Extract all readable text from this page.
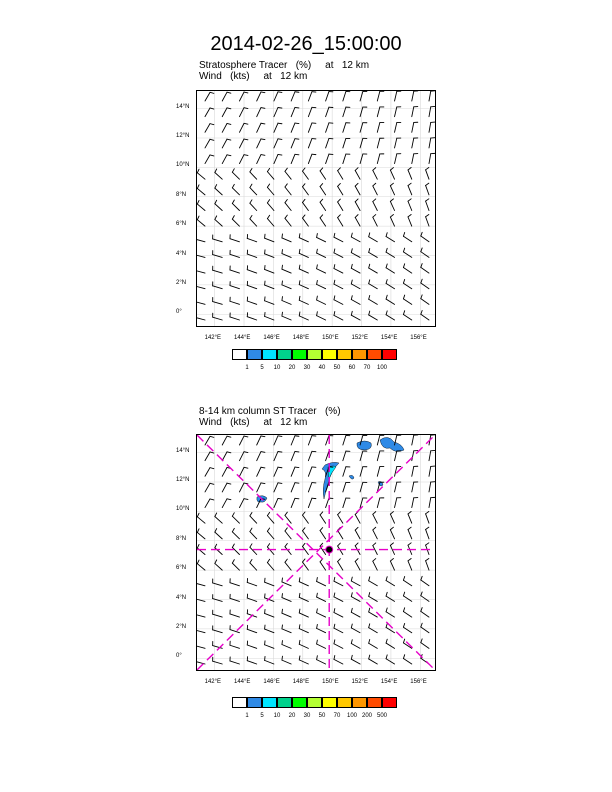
2014-02-26_15:00:00
Stratosphere Tracer   (%)     at   12 km
Wind   (kts)     at   12 km
14°N
12°N
10°N
8°N
6°N
4°N
2°N
0°
142°E 144°E 146°E 148°E 150°E 152°E 154°E 156°E
1	5	10	20	30	40	50	60	70	100
8-14 km column ST Tracer   (%)
Wind   (kts)     at   12 km
14°N
12°N
10°N
8°N
6°N
4°N
2°N
0°
142°E 144°E 146°E 148°E 150°E 152°E 154°E 156°E
1	5	10	20	30	50	70	100 200 500
